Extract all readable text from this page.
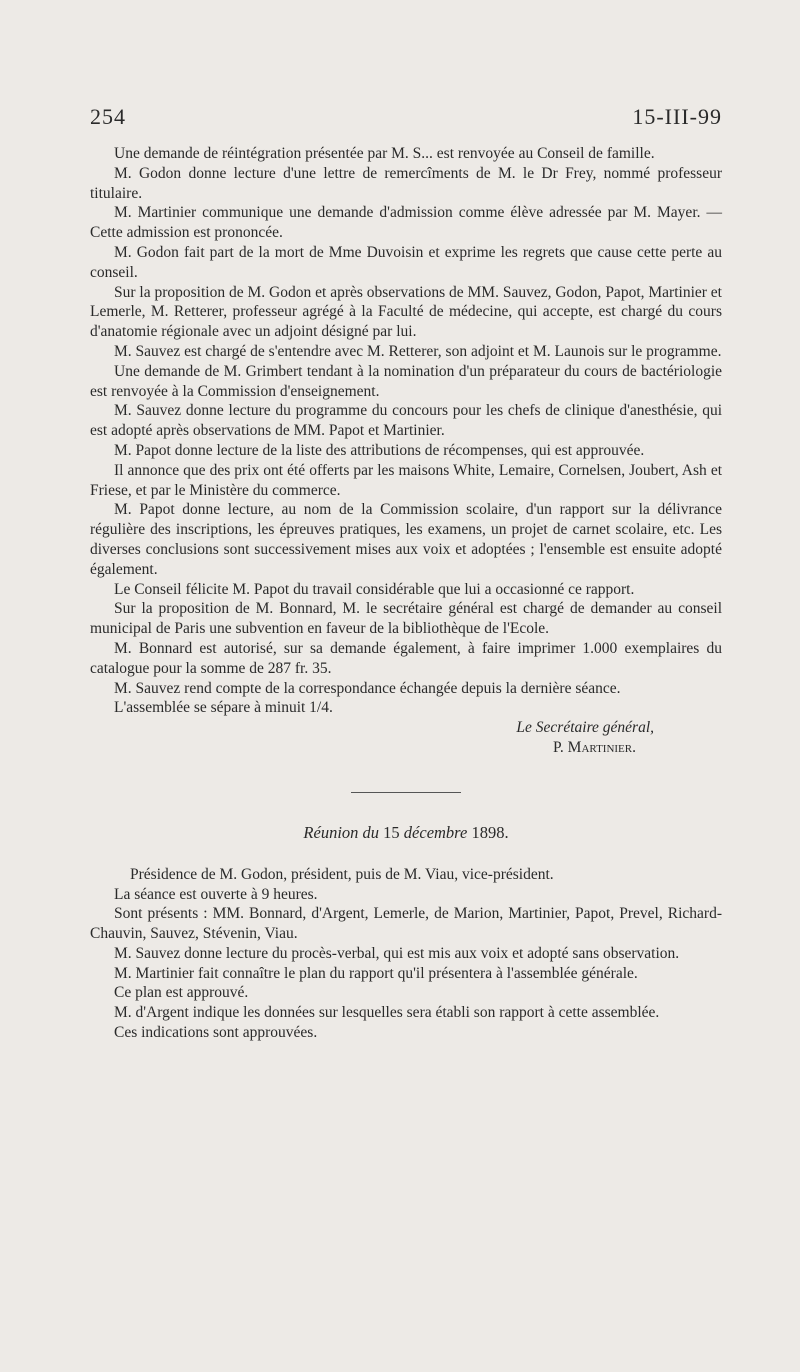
254	15-III-99

Une demande de réintégration présentée par M. S... est renvoyée au Conseil de famille.

M. Godon donne lecture d'une lettre de remercîments de M. le Dr Frey, nommé professeur titulaire.

M. Martinier communique une demande d'admission comme élève adressée par M. Mayer. — Cette admission est prononcée.

M. Godon fait part de la mort de Mme Duvoisin et exprime les regrets que cause cette perte au conseil.

Sur la proposition de M. Godon et après observations de MM. Sauvez, Godon, Papot, Martinier et Lemerle, M. Retterer, professeur agrégé à la Faculté de médecine, qui accepte, est chargé du cours d'anatomie régionale avec un adjoint désigné par lui.

M. Sauvez est chargé de s'entendre avec M. Retterer, son adjoint et M. Launois sur le programme.

Une demande de M. Grimbert tendant à la nomination d'un préparateur du cours de bactériologie est renvoyée à la Commission d'enseignement.

M. Sauvez donne lecture du programme du concours pour les chefs de clinique d'anesthésie, qui est adopté après observations de MM. Papot et Martinier.

M. Papot donne lecture de la liste des attributions de récompenses, qui est approuvée.

Il annonce que des prix ont été offerts par les maisons White, Lemaire, Cornelsen, Joubert, Ash et Friese, et par le Ministère du commerce.

M. Papot donne lecture, au nom de la Commission scolaire, d'un rapport sur la délivrance régulière des inscriptions, les épreuves pratiques, les examens, un projet de carnet scolaire, etc. Les diverses conclusions sont successivement mises aux voix et adoptées ; l'ensemble est ensuite adopté également.

Le Conseil félicite M. Papot du travail considérable que lui a occasionné ce rapport.

Sur la proposition de M. Bonnard, M. le secrétaire général est chargé de demander au conseil municipal de Paris une subvention en faveur de la bibliothèque de l'Ecole.

M. Bonnard est autorisé, sur sa demande également, à faire imprimer 1.000 exemplaires du catalogue pour la somme de 287 fr. 35.

M. Sauvez rend compte de la correspondance échangée depuis la dernière séance.

L'assemblée se sépare à minuit 1/4.

Le Secrétaire général,
P. Martinier.
Réunion du 15 décembre 1898.

Présidence de M. Godon, président, puis de M. Viau, vice-président.

La séance est ouverte à 9 heures.

Sont présents : MM. Bonnard, d'Argent, Lemerle, de Marion, Martinier, Papot, Prevel, Richard-Chauvin, Sauvez, Stévenin, Viau.

M. Sauvez donne lecture du procès-verbal, qui est mis aux voix et adopté sans observation.

M. Martinier fait connaître le plan du rapport qu'il présentera à l'assemblée générale.

Ce plan est approuvé.

M. d'Argent indique les données sur lesquelles sera établi son rapport à cette assemblée.

Ces indications sont approuvées.
